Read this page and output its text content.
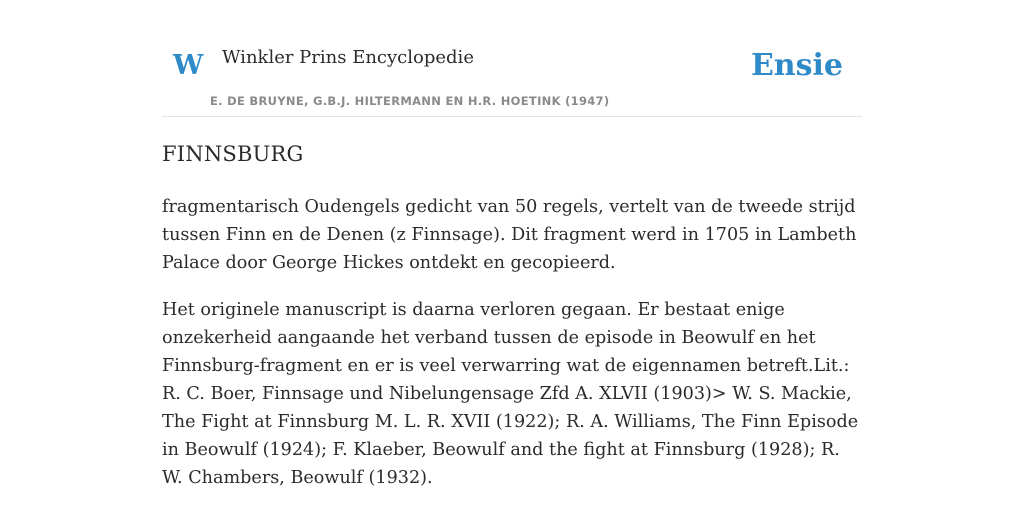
W Winkler Prins Encyclopedie
E. DE BRUYNE, G.B.J. HILTERMANN EN H.R. HOETINK (1947)
Ensie
FINNSBURG

fragmentarisch Oudengels gedicht van 50 regels, vertelt van de tweede strijd tussen Finn en de Denen (z Finnsage). Dit fragment werd in 1705 in Lambeth Palace door George Hickes ontdekt en gecopieerd.

Het originele manuscript is daarna verloren gegaan. Er bestaat enige onzekerheid aangaande het verband tussen de episode in Beowulf en het Finnsburg-fragment en er is veel verwarring wat de eigennamen betreft.Lit.: R. C. Boer, Finnsage und Nibelungensage Zfd A. XLVII (1903)> W. S. Mackie, The Fight at Finnsburg M. L. R. XVII (1922); R. A. Williams, The Finn Episode in Beowulf (1924); F. Klaeber, Beowulf and the fight at Finnsburg (1928); R. W. Chambers, Beowulf (1932).
